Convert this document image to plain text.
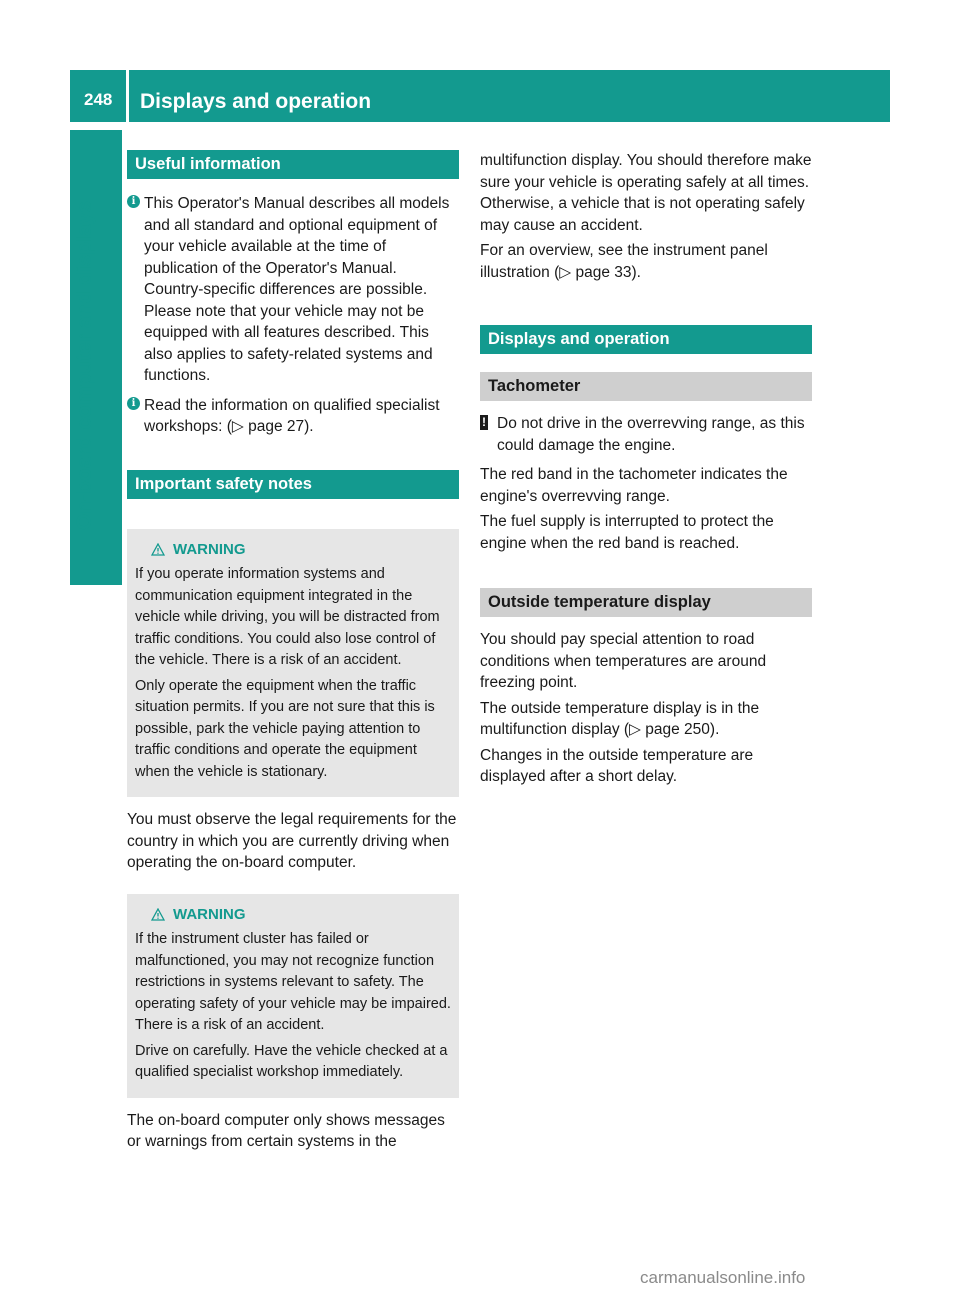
248 Displays and operation
On-board computer and displays
Useful information
i This Operator's Manual describes all models and all standard and optional equipment of your vehicle available at the time of publication of the Operator's Manual. Country-specific differences are possible. Please note that your vehicle may not be equipped with all features described. This also applies to safety-related systems and functions.
i Read the information on qualified specialist workshops: (▷ page 27).
Important safety notes
WARNING

If you operate information systems and communication equipment integrated in the vehicle while driving, you will be distracted from traffic conditions. You could also lose control of the vehicle. There is a risk of an accident.

Only operate the equipment when the traffic situation permits. If you are not sure that this is possible, park the vehicle paying attention to traffic conditions and operate the equipment when the vehicle is stationary.

You must observe the legal requirements for the country in which you are currently driving when operating the on-board computer.

WARNING

If the instrument cluster has failed or malfunctioned, you may not recognize function restrictions in systems relevant to safety. The operating safety of your vehicle may be impaired. There is a risk of an accident.

Drive on carefully. Have the vehicle checked at a qualified specialist workshop immediately.

The on-board computer only shows messages or warnings from certain systems in the

multifunction display. You should therefore make sure your vehicle is operating safely at all times. Otherwise, a vehicle that is not operating safely may cause an accident.

For an overview, see the instrument panel illustration (▷ page 33).

Displays and operation
Tachometer
! Do not drive in the overrevving range, as this could damage the engine.

The red band in the tachometer indicates the engine's overrevving range.

The fuel supply is interrupted to protect the engine when the red band is reached.

Outside temperature display

You should pay special attention to road conditions when temperatures are around freezing point.

The outside temperature display is in the multifunction display (▷ page 250).

Changes in the outside temperature are displayed after a short delay.

carmanualsonline.info
